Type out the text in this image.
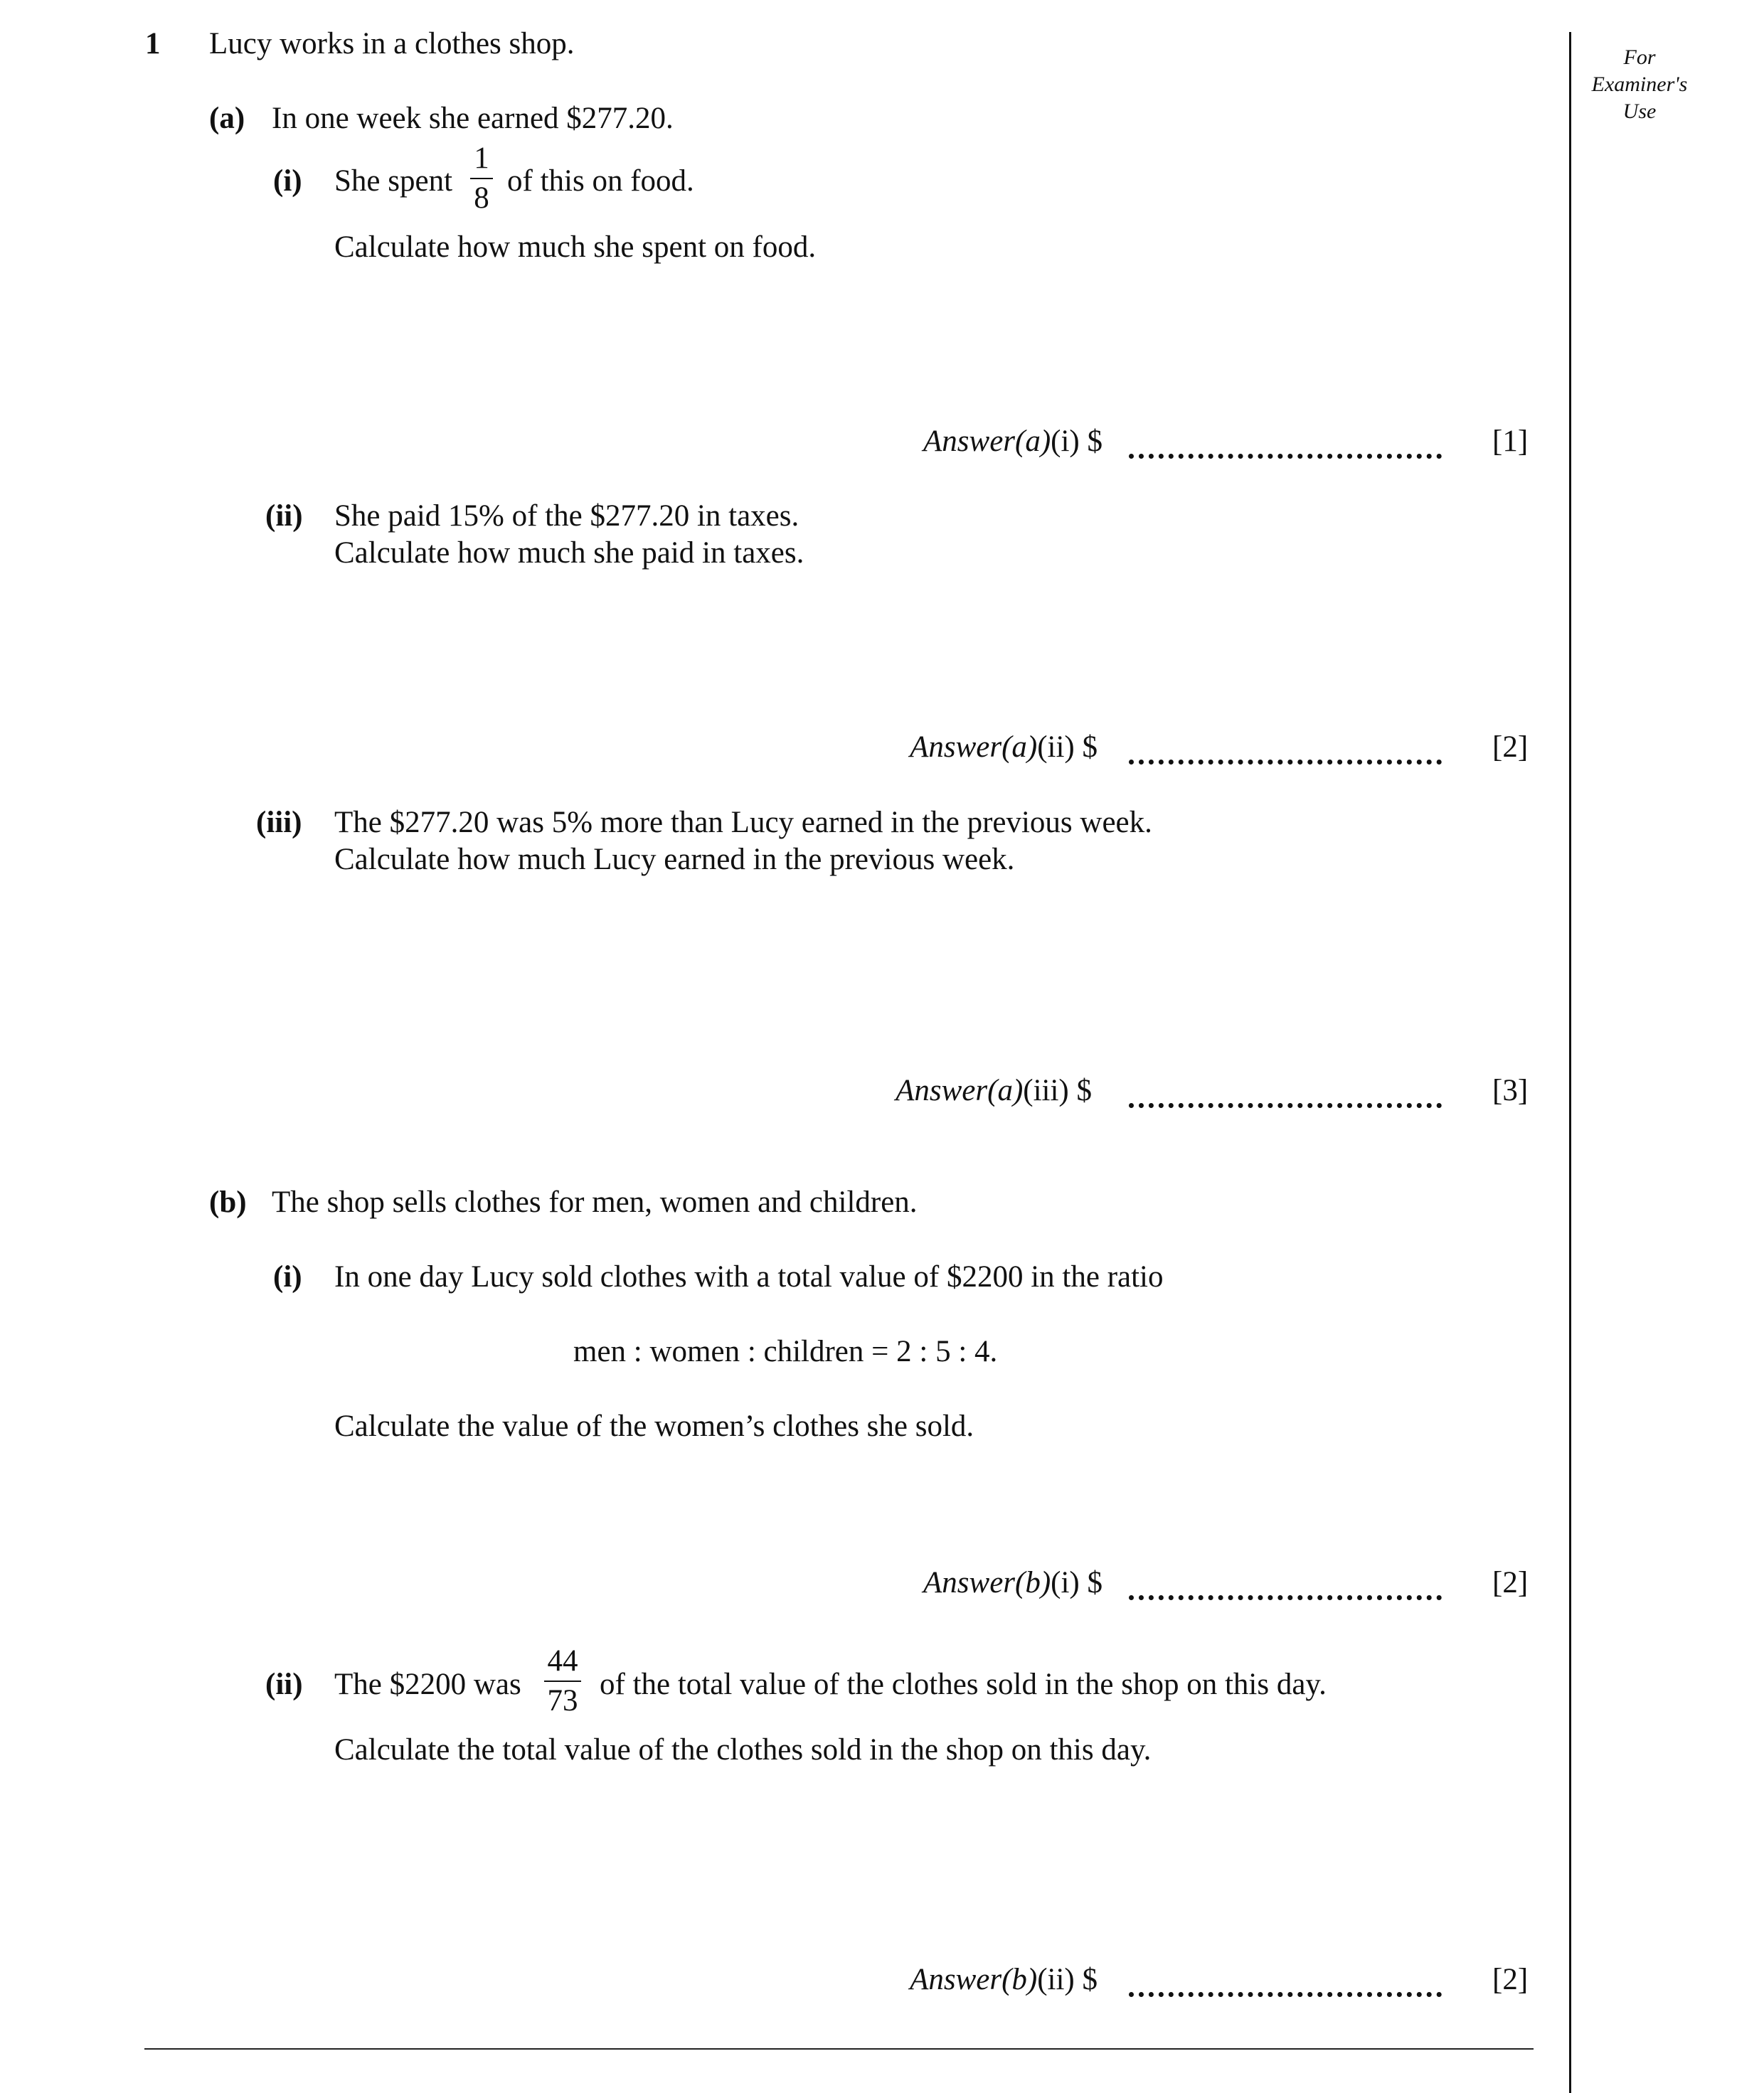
For
Examiner's
Use
1 Lucy works in a clothes shop.
(a) In one week she earned $277.20.
(i) She spent
1
8
of this on food.
Calculate how much she spent on food.
Answer(a)(i) $	[1]
(ii) She paid 15% of the $277.20 in taxes.
Calculate how much she paid in taxes.
Answer(a)(ii) $	[2]
(iii) The $277.20 was 5% more than Lucy earned in the previous week.
Calculate how much Lucy earned in the previous week.
Answer(a)(iii) $	[3]
(b) The shop sells clothes for men, women and children.
(i) In one day Lucy sold clothes with a total value of $2200 in the ratio
men : women : children = 2 : 5 : 4.
Calculate the value of the women’s clothes she sold.
Answer(b)(i) $	[2]
(ii) The $2200 was
44
73 of the total value of the clothes sold in the shop on this day.
Calculate the total value of the clothes sold in the shop on this day.
Answer(b)(ii) $	[2]
